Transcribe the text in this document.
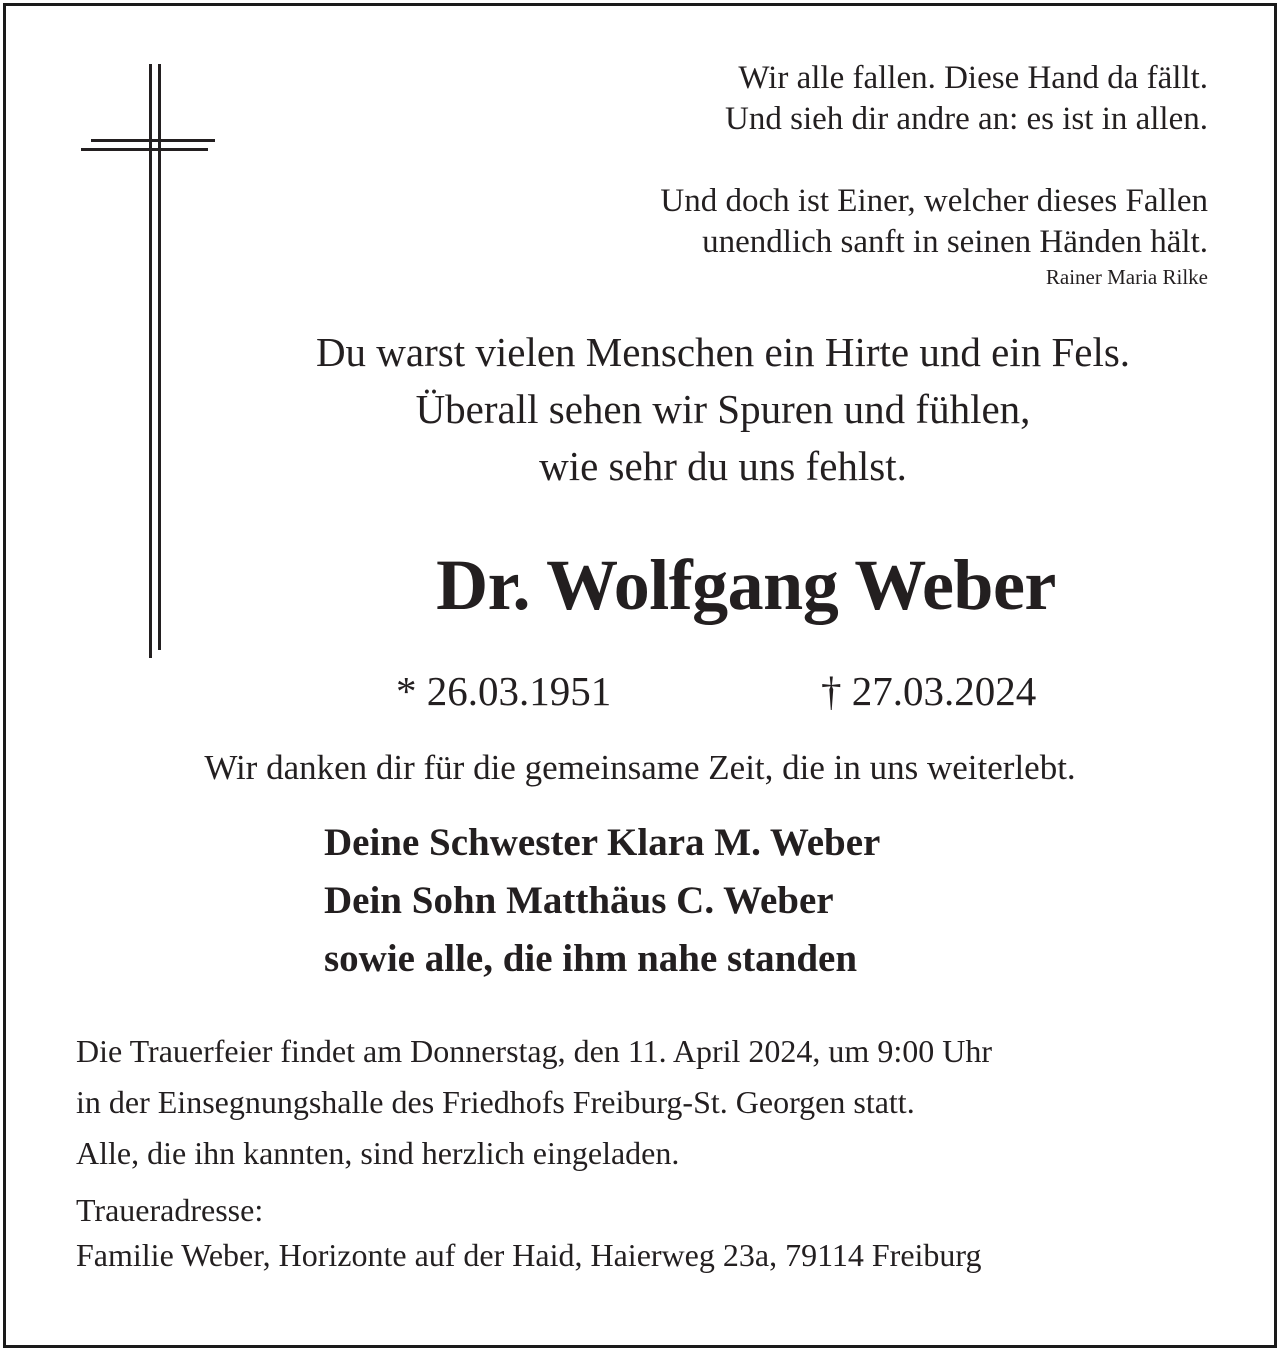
Wir alle fallen. Diese Hand da fällt.
Und sieh dir andre an: es ist in allen.
Und doch ist Einer, welcher dieses Fallen
unendlich sanft in seinen Händen hält.
Rainer Maria Rilke
Du warst vielen Menschen ein Hirte und ein Fels.
Überall sehen wir Spuren und fühlen,
wie sehr du uns fehlst.
Dr. Wolfgang Weber
* 26.03.1951	† 27.03.2024
Wir danken dir für die gemeinsame Zeit, die in uns weiterlebt.
Deine Schwester Klara M. Weber
Dein Sohn Matthäus C. Weber
sowie alle, die ihm nahe standen
Die Trauerfeier findet am Donnerstag, den 11. April 2024, um 9:00 Uhr
in der Einsegnungshalle des Friedhofs Freiburg-St. Georgen statt.
Alle, die ihn kannten, sind herzlich eingeladen.
Traueradresse:
Familie Weber, Horizonte auf der Haid, Haierweg 23a, 79114 Freiburg
